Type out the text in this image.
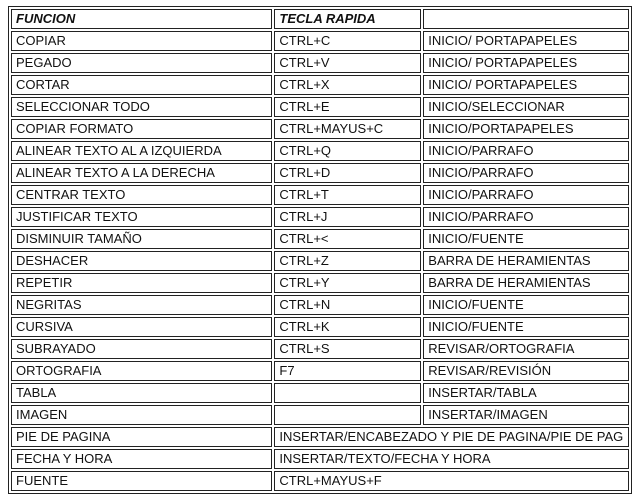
FUNCION	TECLA RAPIDA	
COPIAR	CTRL+C	INICIO/ PORTAPAPELES
PEGADO	CTRL+V	INICIO/ PORTAPAPELES
CORTAR	CTRL+X	INICIO/ PORTAPAPELES
SELECCIONAR TODO	CTRL+E	INICIO/SELECCIONAR
COPIAR FORMATO	CTRL+MAYUS+C	INICIO/PORTAPAPELES
ALINEAR TEXTO AL A IZQUIERDA	CTRL+Q	INICIO/PARRAFO
ALINEAR TEXTO A LA DERECHA	CTRL+D	INICIO/PARRAFO
CENTRAR TEXTO	CTRL+T	INICIO/PARRAFO
JUSTIFICAR TEXTO	CTRL+J	INICIO/PARRAFO
DISMINUIR TAMAÑO	CTRL+<	INICIO/FUENTE
DESHACER	CTRL+Z	BARRA DE HERAMIENTAS
REPETIR	CTRL+Y	BARRA DE HERAMIENTAS
NEGRITAS	CTRL+N	INICIO/FUENTE
CURSIVA	CTRL+K	INICIO/FUENTE
SUBRAYADO	CTRL+S	REVISAR/ORTOGRAFIA
ORTOGRAFIA	F7	REVISAR/REVISIÓN
TABLA		INSERTAR/TABLA
IMAGEN		INSERTAR/IMAGEN
PIE DE PAGINA	INSERTAR/ENCABEZADO Y PIE DE PAGINA/PIE DE PAG	
FECHA Y HORA	INSERTAR/TEXTO/FECHA Y HORA	
FUENTE	CTRL+MAYUS+F	
